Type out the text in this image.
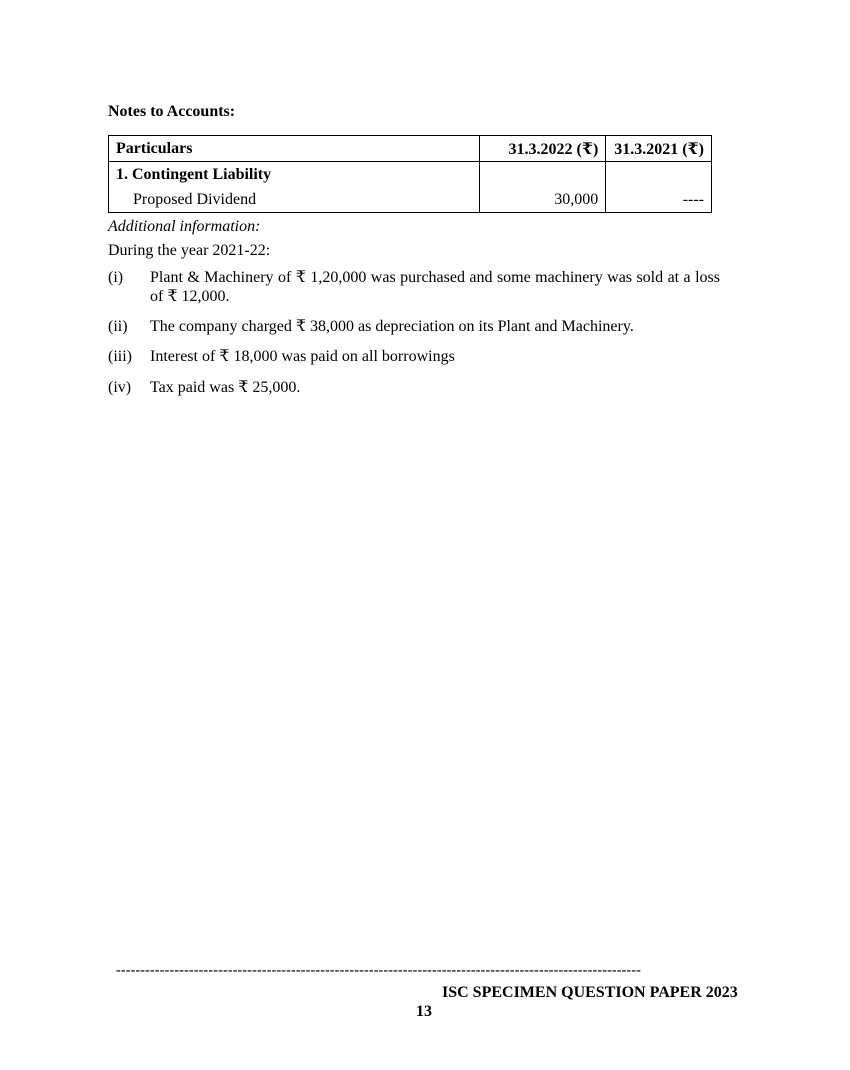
Notes to Accounts:
Particulars	31.3.2022 (₹)	31.3.2021 (₹)
1. Contingent Liability		
Proposed Dividend	30,000	----
Additional information:
During the year 2021-22:
(i) Plant & Machinery of ₹ 1,20,000 was purchased and some machinery was sold at a loss of ₹ 12,000.
(ii) The company charged ₹ 38,000 as depreciation on its Plant and Machinery.
(iii) Interest of ₹ 18,000 was paid on all borrowings
(iv) Tax paid was ₹ 25,000.
------------------------------------------------------------------------------------------------------------
ISC SPECIMEN QUESTION PAPER 2023
13
